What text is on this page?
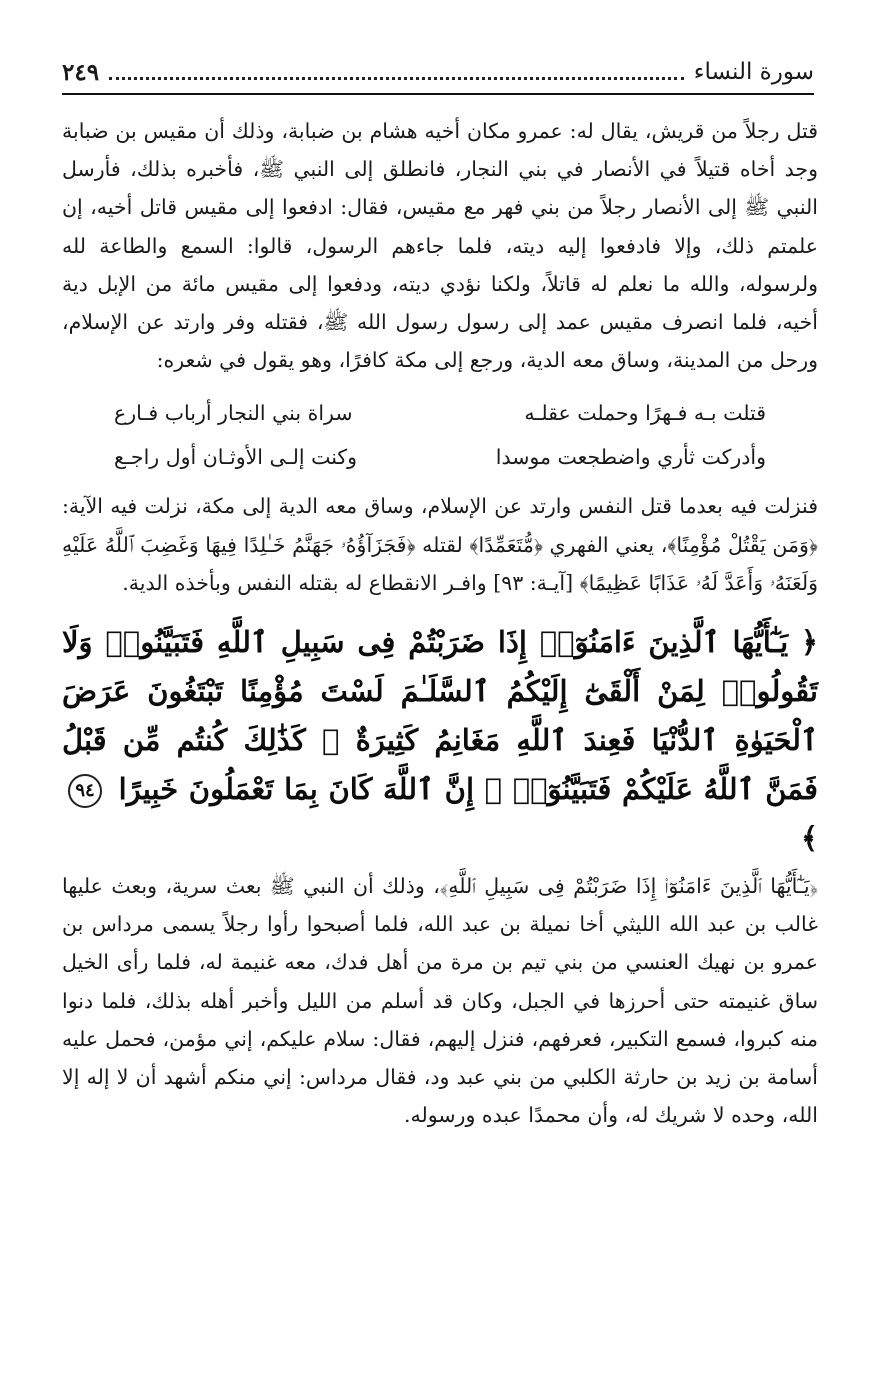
سورة النساء
٢٤٩

قتل رجلاً من قريش، يقال له: عمرو مكان أخيه هشام بن ضبابة، وذلك أن مقيس بن ضبابة وجد أخاه قتيلاً في الأنصار في بني النجار، فانطلق إلى النبي ﷺ، فأخبره بذلك، فأرسل النبي ﷺ إلى الأنصار رجلاً من بني فهر مع مقيس، فقال: ادفعوا إلى مقيس قاتل أخيه، إن علمتم ذلك، وإلا فادفعوا إليه ديته، فلما جاءهم الرسول، قالوا: السمع والطاعة لله ولرسوله، والله ما نعلم له قاتلاً، ولكنا نؤدي ديته، ودفعوا إلى مقيس مائة من الإبل دية أخيه، فلما انصرف مقيس عمد إلى رسول رسول الله ﷺ، فقتله وفر وارتد عن الإسلام، ورحل من المدينة، وساق معه الدية، ورجع إلى مكة كافرًا، وهو يقول في شعره:

قتلت بـه فـهرًا وحملت عقلـه
سراة بني النجار أرباب فـارع
وأدركت ثأري واضطجعت موسدا
وكنت إلـى الأوثـان أول راجـع

فنزلت فيه بعدما قتل النفس وارتد عن الإسلام، وساق معه الدية إلى مكة، نزلت فيه الآية: ﴿وَمَن يَقْتُلْ مُؤْمِنًا﴾، يعني الفهري ﴿مُّتَعَمِّدًا﴾ لقتله ﴿فَجَزَآؤُهُۥ جَهَنَّمُ خَـٰلِدًا فِيهَا وَغَضِبَ ٱللَّهُ عَلَيْهِ وَلَعَنَهُۥ وَأَعَدَّ لَهُۥ عَذَابًا عَظِيمًا﴾ [آيـة: ٩٣] وافـر الانقطاع له بقتله النفس وبأخذه الدية.

﴿ يَـٰٓأَيُّهَا ٱلَّذِينَ ءَامَنُوٓا۟ إِذَا ضَرَبْتُمْ فِى سَبِيلِ ٱللَّهِ فَتَبَيَّنُوا۟ وَلَا تَقُولُوا۟ لِمَنْ أَلْقَىٰٓ إِلَيْكُمُ ٱلسَّلَـٰمَ لَسْتَ مُؤْمِنًا تَبْتَغُونَ عَرَضَ ٱلْحَيَوٰةِ ٱلدُّنْيَا فَعِندَ ٱللَّهِ مَغَانِمُ كَثِيرَةٌ ۚ كَذَٰلِكَ كُنتُم مِّن قَبْلُ فَمَنَّ ٱللَّهُ عَلَيْكُمْ فَتَبَيَّنُوٓا۟ ۚ إِنَّ ٱللَّهَ كَانَ بِمَا تَعْمَلُونَ خَبِيرًا ٩٤ ﴾

﴿يَـٰٓأَيُّهَا ٱلَّذِينَ ءَامَنُوٓا۟ إِذَا ضَرَبْتُمْ فِى سَبِيلِ ٱللَّهِ﴾، وذلك أن النبي ﷺ بعث سرية، وبعث عليها غالب بن عبد الله الليثي أخا نميلة بن عبد الله، فلما أصبحوا رأوا رجلاً يسمى مرداس بن عمرو بن نهيك العنسي من بني تيم بن مرة من أهل فدك، معه غنيمة له، فلما رأى الخيل ساق غنيمته حتى أحرزها في الجبل، وكان قد أسلم من الليل وأخبر أهله بذلك، فلما دنوا منه كبروا، فسمع التكبير، فعرفهم، فنزل إليهم، فقال: سلام عليكم، إني مؤمن، فحمل عليه أسامة بن زيد بن حارثة الكلبي من بني عبد ود، فقال مرداس: إني منكم أشهد أن لا إله إلا الله، وحده لا شريك له، وأن محمدًا عبده ورسوله.
